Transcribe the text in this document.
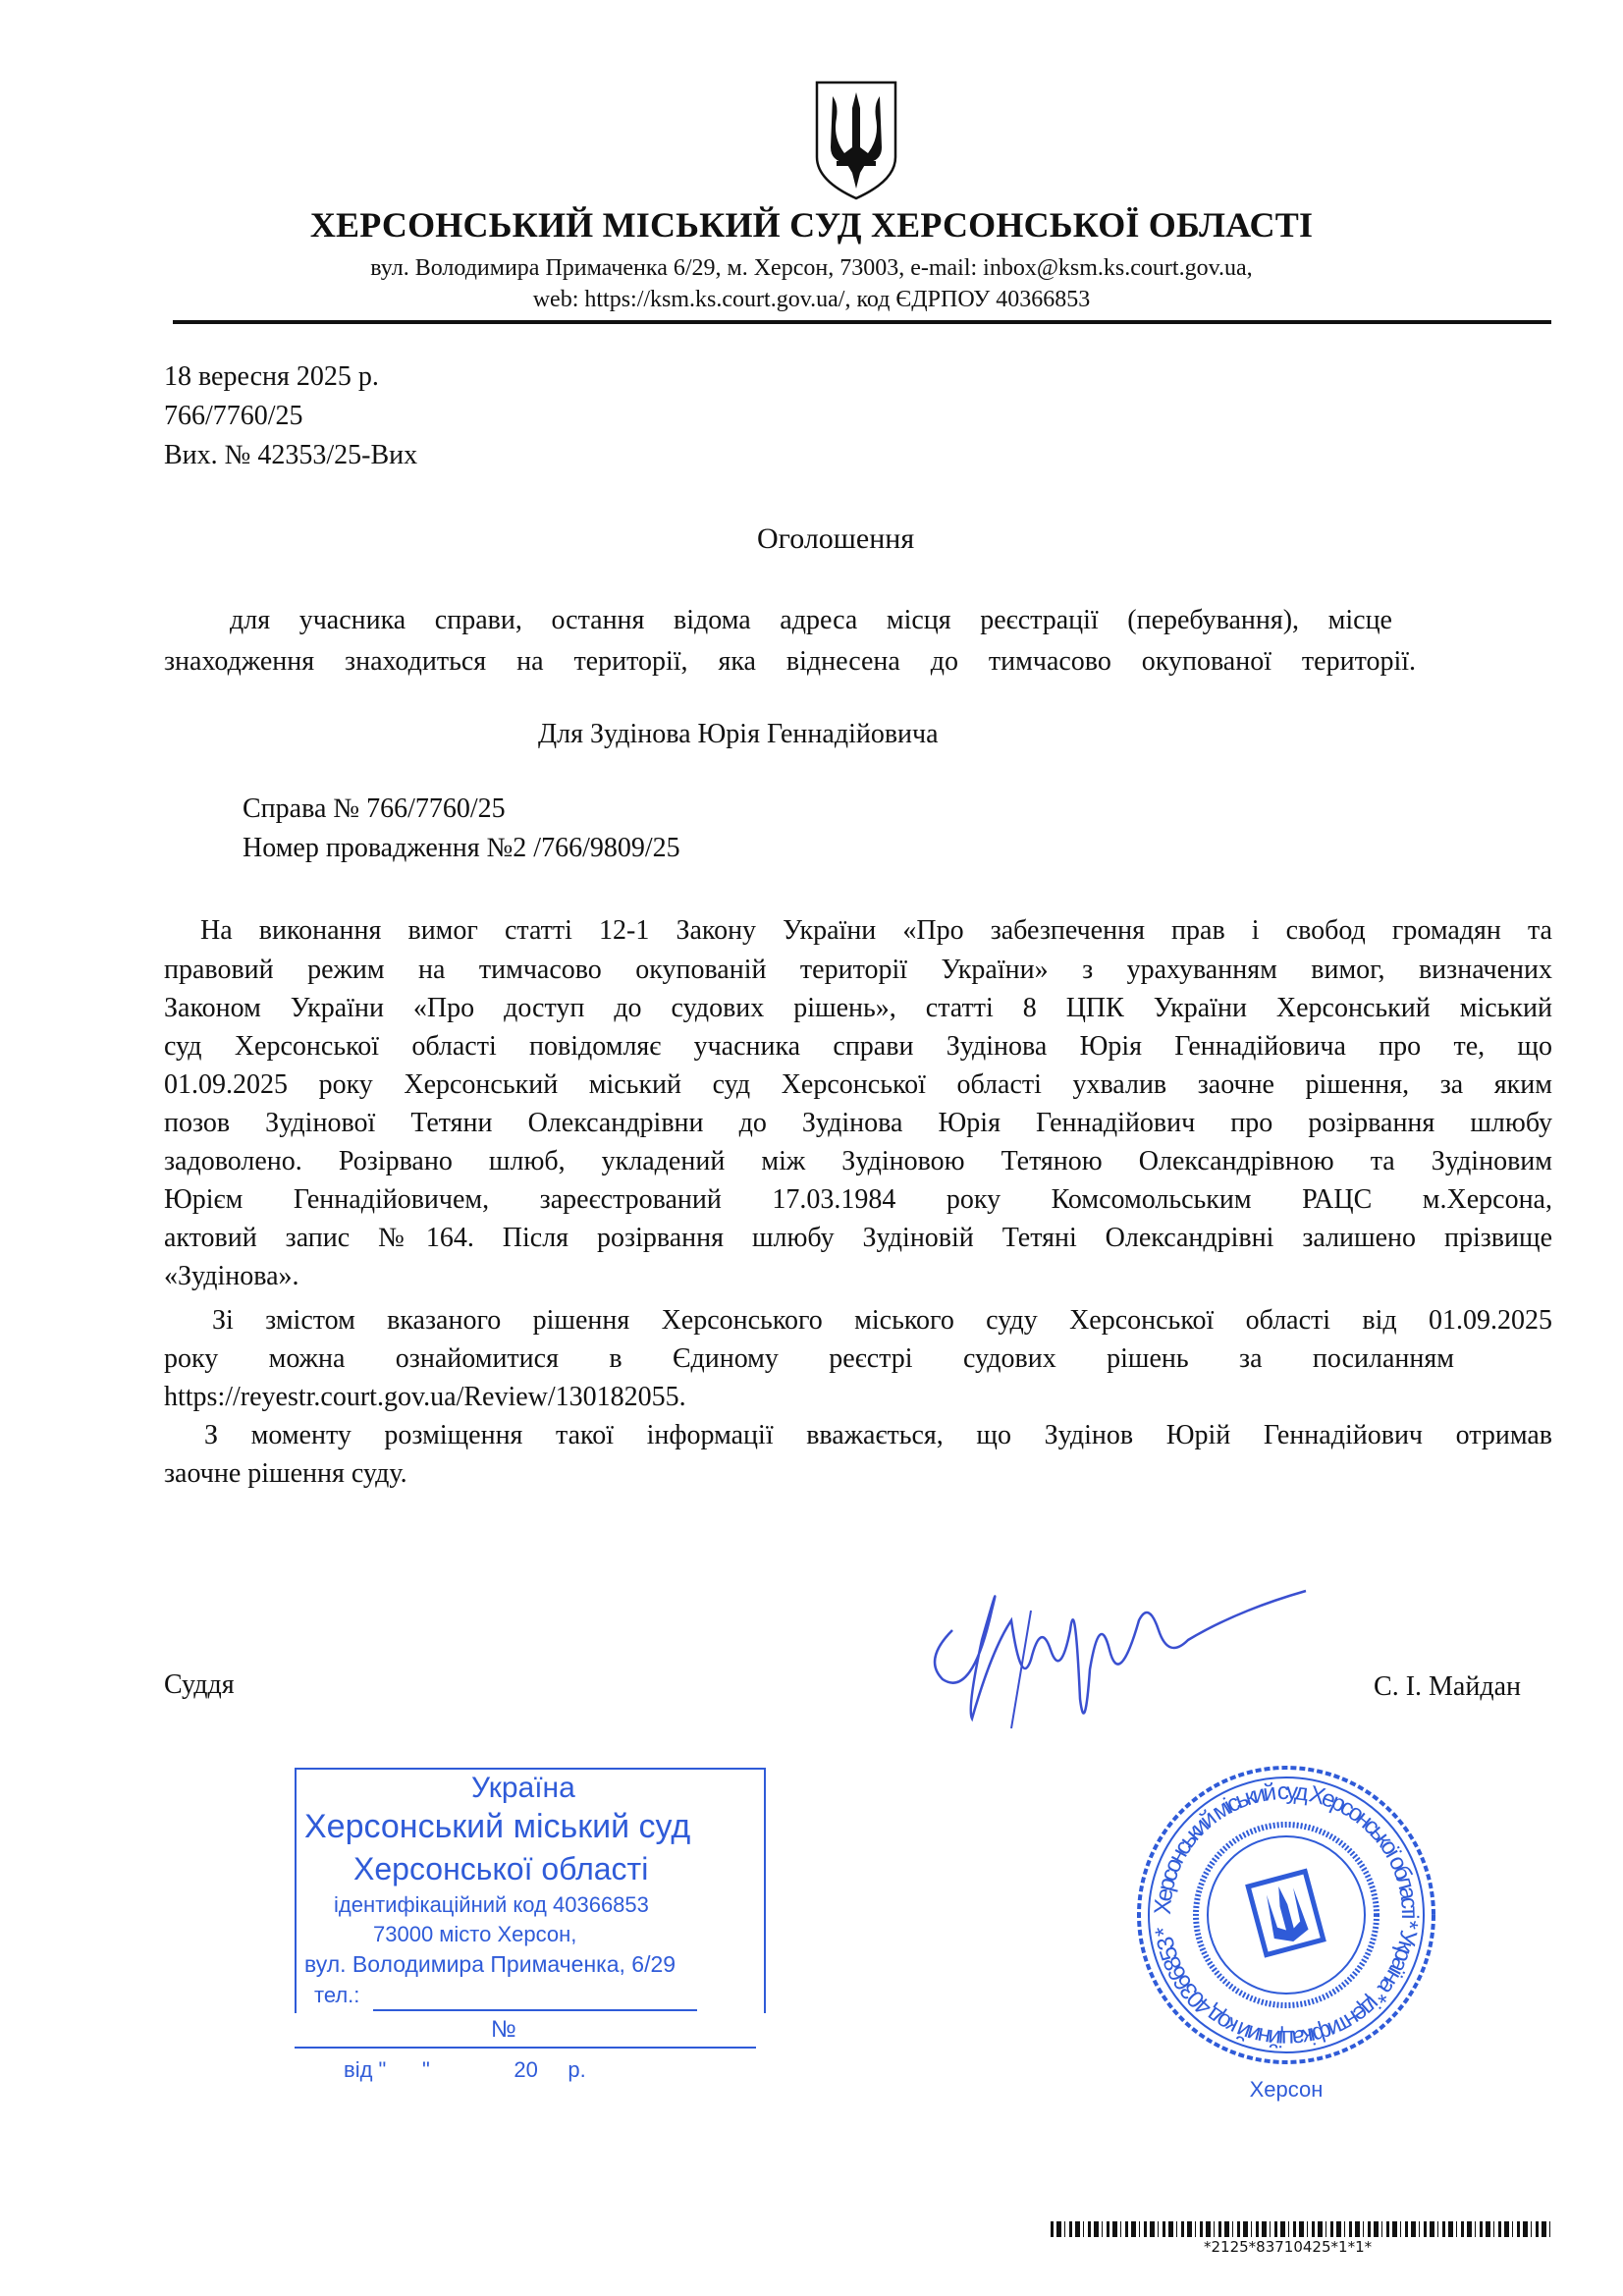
ХЕРСОНСЬКИЙ МІСЬКИЙ СУД ХЕРСОНСЬКОЇ ОБЛАСТІ
вул. Володимира Примаченка 6/29, м. Херсон, 73003, e-mail: inbox@ksm.ks.court.gov.ua,
web: https://ksm.ks.court.gov.ua/, код ЄДРПОУ 40366853
18 вересня 2025 р.
766/7760/25
Вих. № 42353/25-Вих
Оголошення
для учасника справи, остання відома адреса місця реєстрації (перебування), місце
знаходження знаходиться на території, яка віднесена до тимчасово окупованої території.
Для Зудінова Юрія Геннадійовича
Справа № 766/7760/25
Номер провадження №2 /766/9809/25
На виконання вимог статті 12-1 Закону України «Про забезпечення прав і свобод громадян та
правовий режим на тимчасово окупованій території України» з урахуванням вимог, визначених
Законом України «Про доступ до судових рішень», статті 8 ЦПК України Херсонський міський
суд Херсонської області повідомляє учасника справи Зудінова Юрія Геннадійовича про те, що
01.09.2025 року Херсонський міський суд Херсонської області ухвалив заочне рішення, за яким
позов Зудінової Тетяни Олександрівни до Зудінова Юрія Геннадійович про розірвання шлюбу
задоволено. Розірвано шлюб, укладений між Зудіновою Тетяною Олександрівною та Зудіновим
Юрієм Геннадійовичем, зареєстрований 17.03.1984 року Комсомольським РАЦС м.Херсона,
актовий запис №164. Після розірвання шлюбу Зудіновій Тетяні Олександрівні залишено прізвище
«Зудінова».
Зі змістом вказаного рішення Херсонського міського суду Херсонської області від 01.09.2025
року можна ознайомитися в Єдиному реєстрі судових рішень за посиланням
https://reyestr.court.gov.ua/Review/130182055.
З моменту розміщення такої інформації вважається, що Зудінов Юрій Геннадійович отримав
заочне рішення суду.
Суддя	С. І. Майдан
Україна
Херсонський міський суд
Херсонської області
ідентифікаційний код 40366853
73000 місто Херсон,
вул. Володимира Примаченка, 6/29
тел.:
№
від "      "              20     р.
Херсонський міський суд Херсонської області * Україна * ідентифікаційний код 40366853 *
Херсон
*2125*83710425*1*1*
